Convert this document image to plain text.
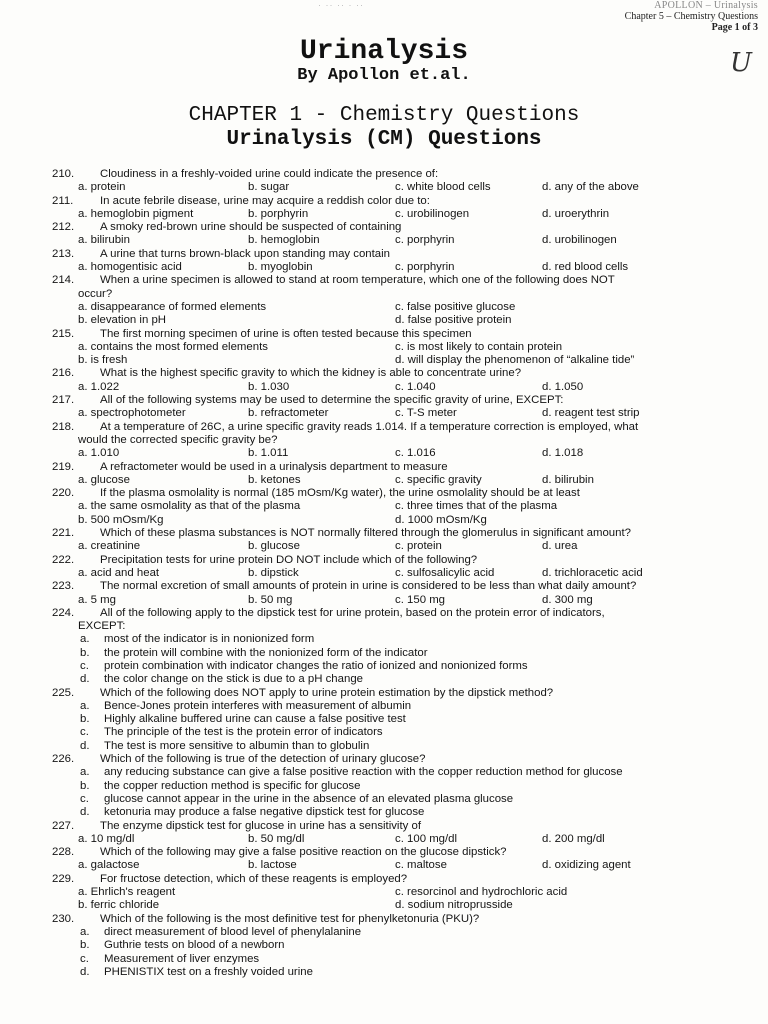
· ·· ·· · ··	APOLLON – Urinalysis
Chapter 5 – Chemistry Questions
Page 1 of 3
U
Urinalysis
By Apollon et.al.
CHAPTER 1 - Chemistry Questions
Urinalysis (CM) Questions
210. Cloudiness in a freshly-voided urine could indicate the presence of:
a. protein	b. sugar	c. white blood cells	d. any of the above
211. In acute febrile disease, urine may acquire a reddish color due to:
a. hemoglobin pigment	b. porphyrin	c. urobilinogen	d. uroerythrin
212. A smoky red-brown urine should be suspected of containing
a. bilirubin	b. hemoglobin	c. porphyrin	d. urobilinogen
213. A urine that turns brown-black upon standing may contain
a. homogentisic acid	b. myoglobin	c. porphyrin	d. red blood cells
214. When a urine specimen is allowed to stand at room temperature, which one of the following does NOT
occur?
a. disappearance of formed elements	c. false positive glucose
b. elevation in pH	d. false positive protein
215. The first morning specimen of urine is often tested because this specimen
a. contains the most formed elements	c. is most likely to contain protein
b. is fresh	d. will display the phenomenon of “alkaline tide”
216. What is the highest specific gravity to which the kidney is able to concentrate urine?
a. 1.022	b. 1.030	c. 1.040	d. 1.050
217. All of the following systems may be used to determine the specific gravity of urine, EXCEPT:
a. spectrophotometer	b. refractometer	c. T-S meter	d. reagent test strip
218. At a temperature of 26C, a urine specific gravity reads 1.014. If a temperature correction is employed, what
would the corrected specific gravity be?
a. 1.010	b. 1.011	c. 1.016	d. 1.018
219. A refractometer would be used in a urinalysis department to measure
a. glucose	b. ketones	c. specific gravity	d. bilirubin
220. If the plasma osmolality is normal (185 mOsm/Kg water), the urine osmolality should be at least
a. the same osmolality as that of the plasma	c. three times that of the plasma
b. 500 mOsm/Kg	d. 1000 mOsm/Kg
221. Which of these plasma substances is NOT normally filtered through the glomerulus in significant amount?
a. creatinine	b. glucose	c. protein	d. urea
222. Precipitation tests for urine protein DO NOT include which of the following?
a. acid and heat	b. dipstick	c. sulfosalicylic acid	d. trichloracetic acid
223. The normal excretion of small amounts of protein in urine is considered to be less than what daily amount?
a. 5 mg	b. 50 mg	c. 150 mg	d. 300 mg
224. All of the following apply to the dipstick test for urine protein, based on the protein error of indicators,
EXCEPT:
a. most of the indicator is in nonionized form
b. the protein will combine with the nonionized form of the indicator
c. protein combination with indicator changes the ratio of ionized and nonionized forms
d. the color change on the stick is due to a pH change
225. Which of the following does NOT apply to urine protein estimation by the dipstick method?
a. Bence-Jones protein interferes with measurement of albumin
b. Highly alkaline buffered urine can cause a false positive test
c. The principle of the test is the protein error of indicators
d. The test is more sensitive to albumin than to globulin
226. Which of the following is true of the detection of urinary glucose?
a. any reducing substance can give a false positive reaction with the copper reduction method for glucose
b. the copper reduction method is specific for glucose
c. glucose cannot appear in the urine in the absence of an elevated plasma glucose
d. ketonuria may produce a false negative dipstick test for glucose
227. The enzyme dipstick test for glucose in urine has a sensitivity of
a. 10 mg/dl	b. 50 mg/dl	c. 100 mg/dl	d. 200 mg/dl
228. Which of the following may give a false positive reaction on the glucose dipstick?
a. galactose	b. lactose	c. maltose	d. oxidizing agent
229. For fructose detection, which of these reagents is employed?
a. Ehrlich's reagent	c. resorcinol and hydrochloric acid
b. ferric chloride	d. sodium nitroprusside
230. Which of the following is the most definitive test for phenylketonuria (PKU)?
a. direct measurement of blood level of phenylalanine
b. Guthrie tests on blood of a newborn
c. Measurement of liver enzymes
d. PHENISTIX test on a freshly voided urine
